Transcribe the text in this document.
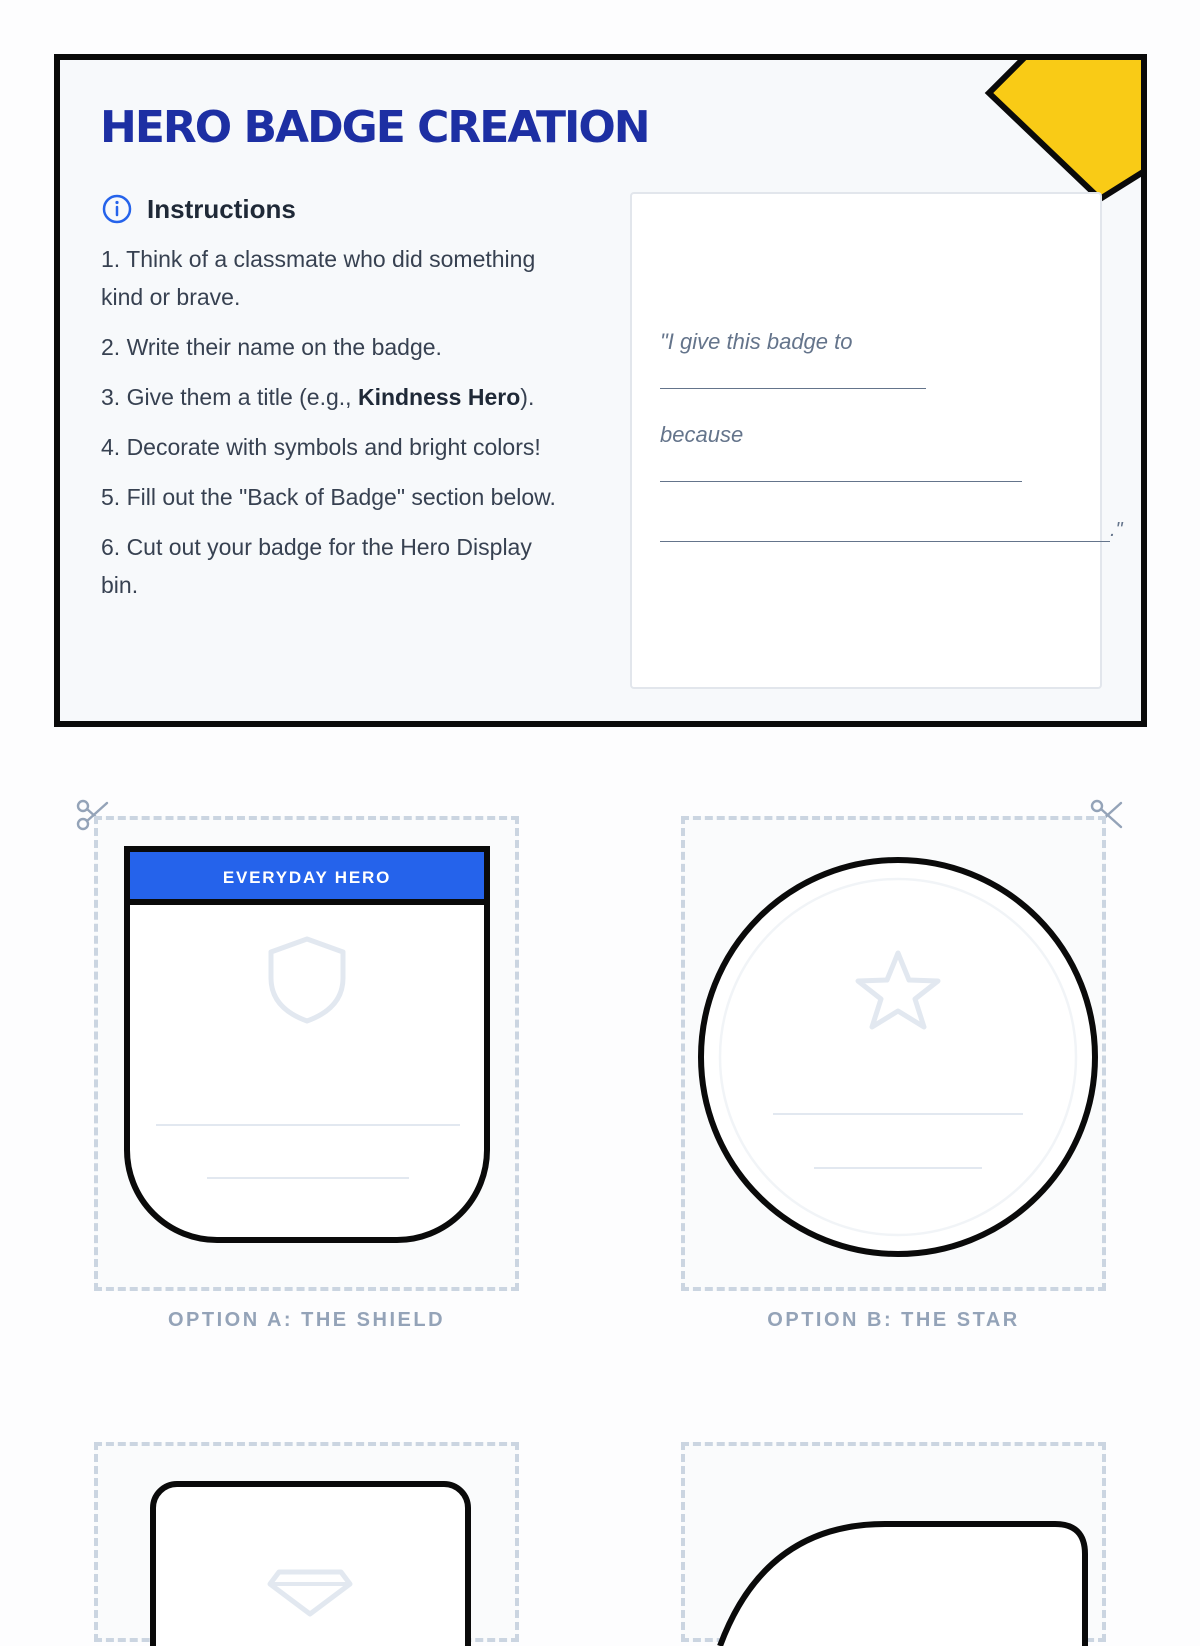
HERO BADGE CREATION
Instructions
1. Think of a classmate who did something kind or brave.
2. Write their name on the badge.
3. Give them a title (e.g., Kindness Hero).
4. Decorate with symbols and bright colors!
5. Fill out the "Back of Badge" section below.
6. Cut out your badge for the Hero Display bin.
"I give this badge to
because
."
EVERYDAY HERO
OPTION A: THE SHIELD	OPTION B: THE STAR
